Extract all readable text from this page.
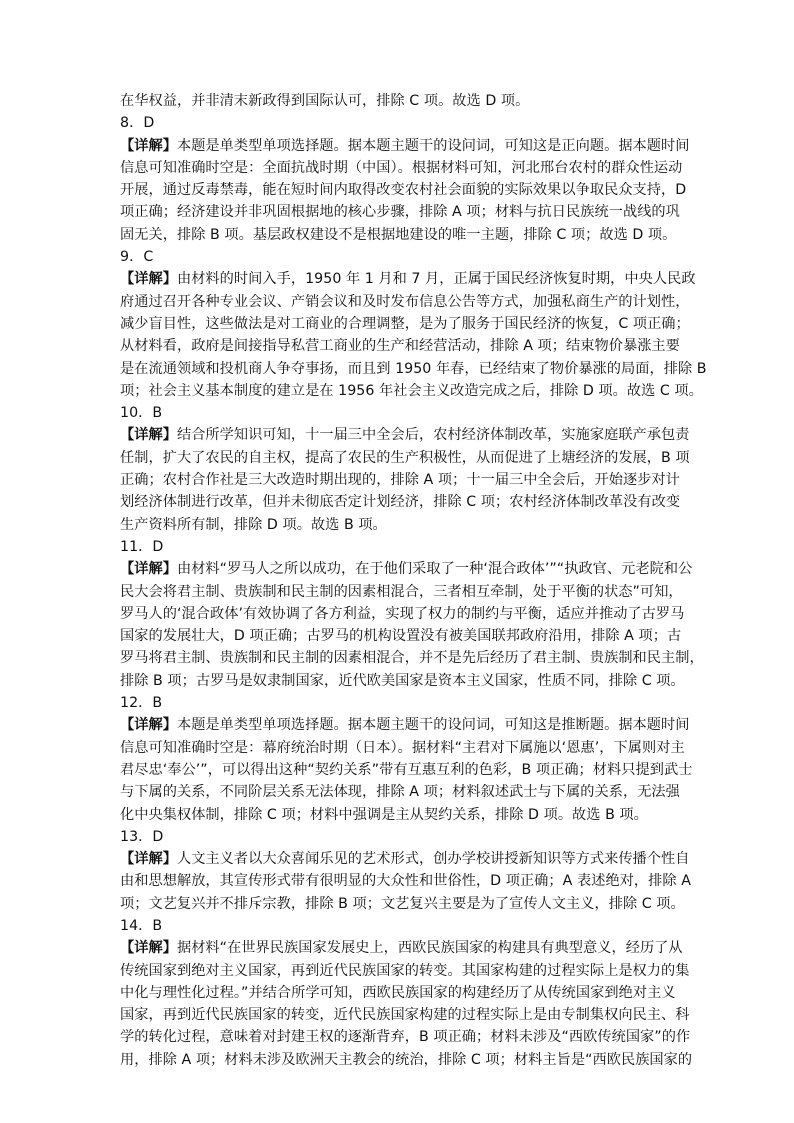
在华权益，并非清末新政得到国际认可，排除 C 项。故选 D 项。
8．D
【详解】本题是单类型单项选择题。据本题主题干的设问词，可知这是正向题。据本题时间
信息可知准确时空是：全面抗战时期（中国）。根据材料可知，河北邢台农村的群众性运动
开展，通过反毒禁毒，能在短时间内取得改变农村社会面貌的实际效果以争取民众支持，D
项正确；经济建设并非巩固根据地的核心步骤，排除 A 项；材料与抗日民族统一战线的巩
固无关，排除 B 项。基层政权建设不是根据地建设的唯一主题，排除 C 项；故选 D 项。
9．C
【详解】由材料的时间入手，1950 年 1 月和 7 月，正属于国民经济恢复时期，中央人民政
府通过召开各种专业会议、产销会议和及时发布信息公告等方式，加强私商生产的计划性，
减少盲目性，这些做法是对工商业的合理调整，是为了服务于国民经济的恢复，C 项正确；
从材料看，政府是间接指导私营工商业的生产和经营活动，排除 A 项；结束物价暴涨主要
是在流通领域和投机商人争夺事扬，而且到 1950 年春，已经结束了物价暴涨的局面，排除 B
项；社会主义基本制度的建立是在 1956 年社会主义改造完成之后，排除 D 项。故选 C 项。
10．B
【详解】结合所学知识可知，十一届三中全会后，农村经济体制改革，实施家庭联产承包责
任制，扩大了农民的自主权，提高了农民的生产积极性，从而促进了上塘经济的发展，B 项
正确；农村合作社是三大改造时期出现的，排除 A 项；十一届三中全会后，开始逐步对计
划经济体制进行改革，但并未彻底否定计划经济，排除 C 项；农村经济体制改革没有改变
生产资料所有制，排除 D 项。故选 B 项。
11．D
【详解】由材料“罗马人之所以成功，在于他们采取了一种‘混合政体’”“执政官、元老院和公
民大会将君主制、贵族制和民主制的因素相混合，三者相互牵制，处于平衡的状态”可知，
罗马人的‘混合政体’有效协调了各方利益，实现了权力的制约与平衡，适应并推动了古罗马
国家的发展壮大，D 项正确；古罗马的机构设置没有被美国联邦政府沿用，排除 A 项；古
罗马将君主制、贵族制和民主制的因素相混合，并不是先后经历了君主制、贵族制和民主制，
排除 B 项；古罗马是奴隶制国家，近代欧美国家是资本主义国家，性质不同，排除 C 项。
12．B
【详解】本题是单类型单项选择题。据本题主题干的设问词，可知这是推断题。据本题时间
信息可知准确时空是：幕府统治时期（日本）。据材料“主君对下属施以‘恩惠’，下属则对主
君尽忠‘奉公’”，可以得出这种“契约关系”带有互惠互利的色彩，B 项正确；材料只提到武士
与下属的关系，不同阶层关系无法体现，排除 A 项；材料叙述武士与下属的关系，无法强
化中央集权体制，排除 C 项；材料中强调是主从契约关系，排除 D 项。故选 B 项。
13．D
【详解】人文主义者以大众喜闻乐见的艺术形式，创办学校讲授新知识等方式来传播个性自
由和思想解放，其宣传形式带有很明显的大众性和世俗性，D 项正确；A 表述绝对，排除 A
项；文艺复兴并不排斥宗教，排除 B 项；文艺复兴主要是为了宣传人文主义，排除 C 项。
14．B
【详解】据材料“在世界民族国家发展史上，西欧民族国家的构建具有典型意义，经历了从
传统国家到绝对主义国家，再到近代民族国家的转变。其国家构建的过程实际上是权力的集
中化与理性化过程。”并结合所学可知，西欧民族国家的构建经历了从传统国家到绝对主义
国家，再到近代民族国家的转变，近代民族国家构建的过程实际上是由专制集权向民主、科
学的转化过程，意味着对封建王权的逐渐背弃，B 项正确；材料未涉及“西欧传统国家”的作
用，排除 A 项；材料未涉及欧洲天主教会的统治，排除 C 项；材料主旨是“西欧民族国家的
